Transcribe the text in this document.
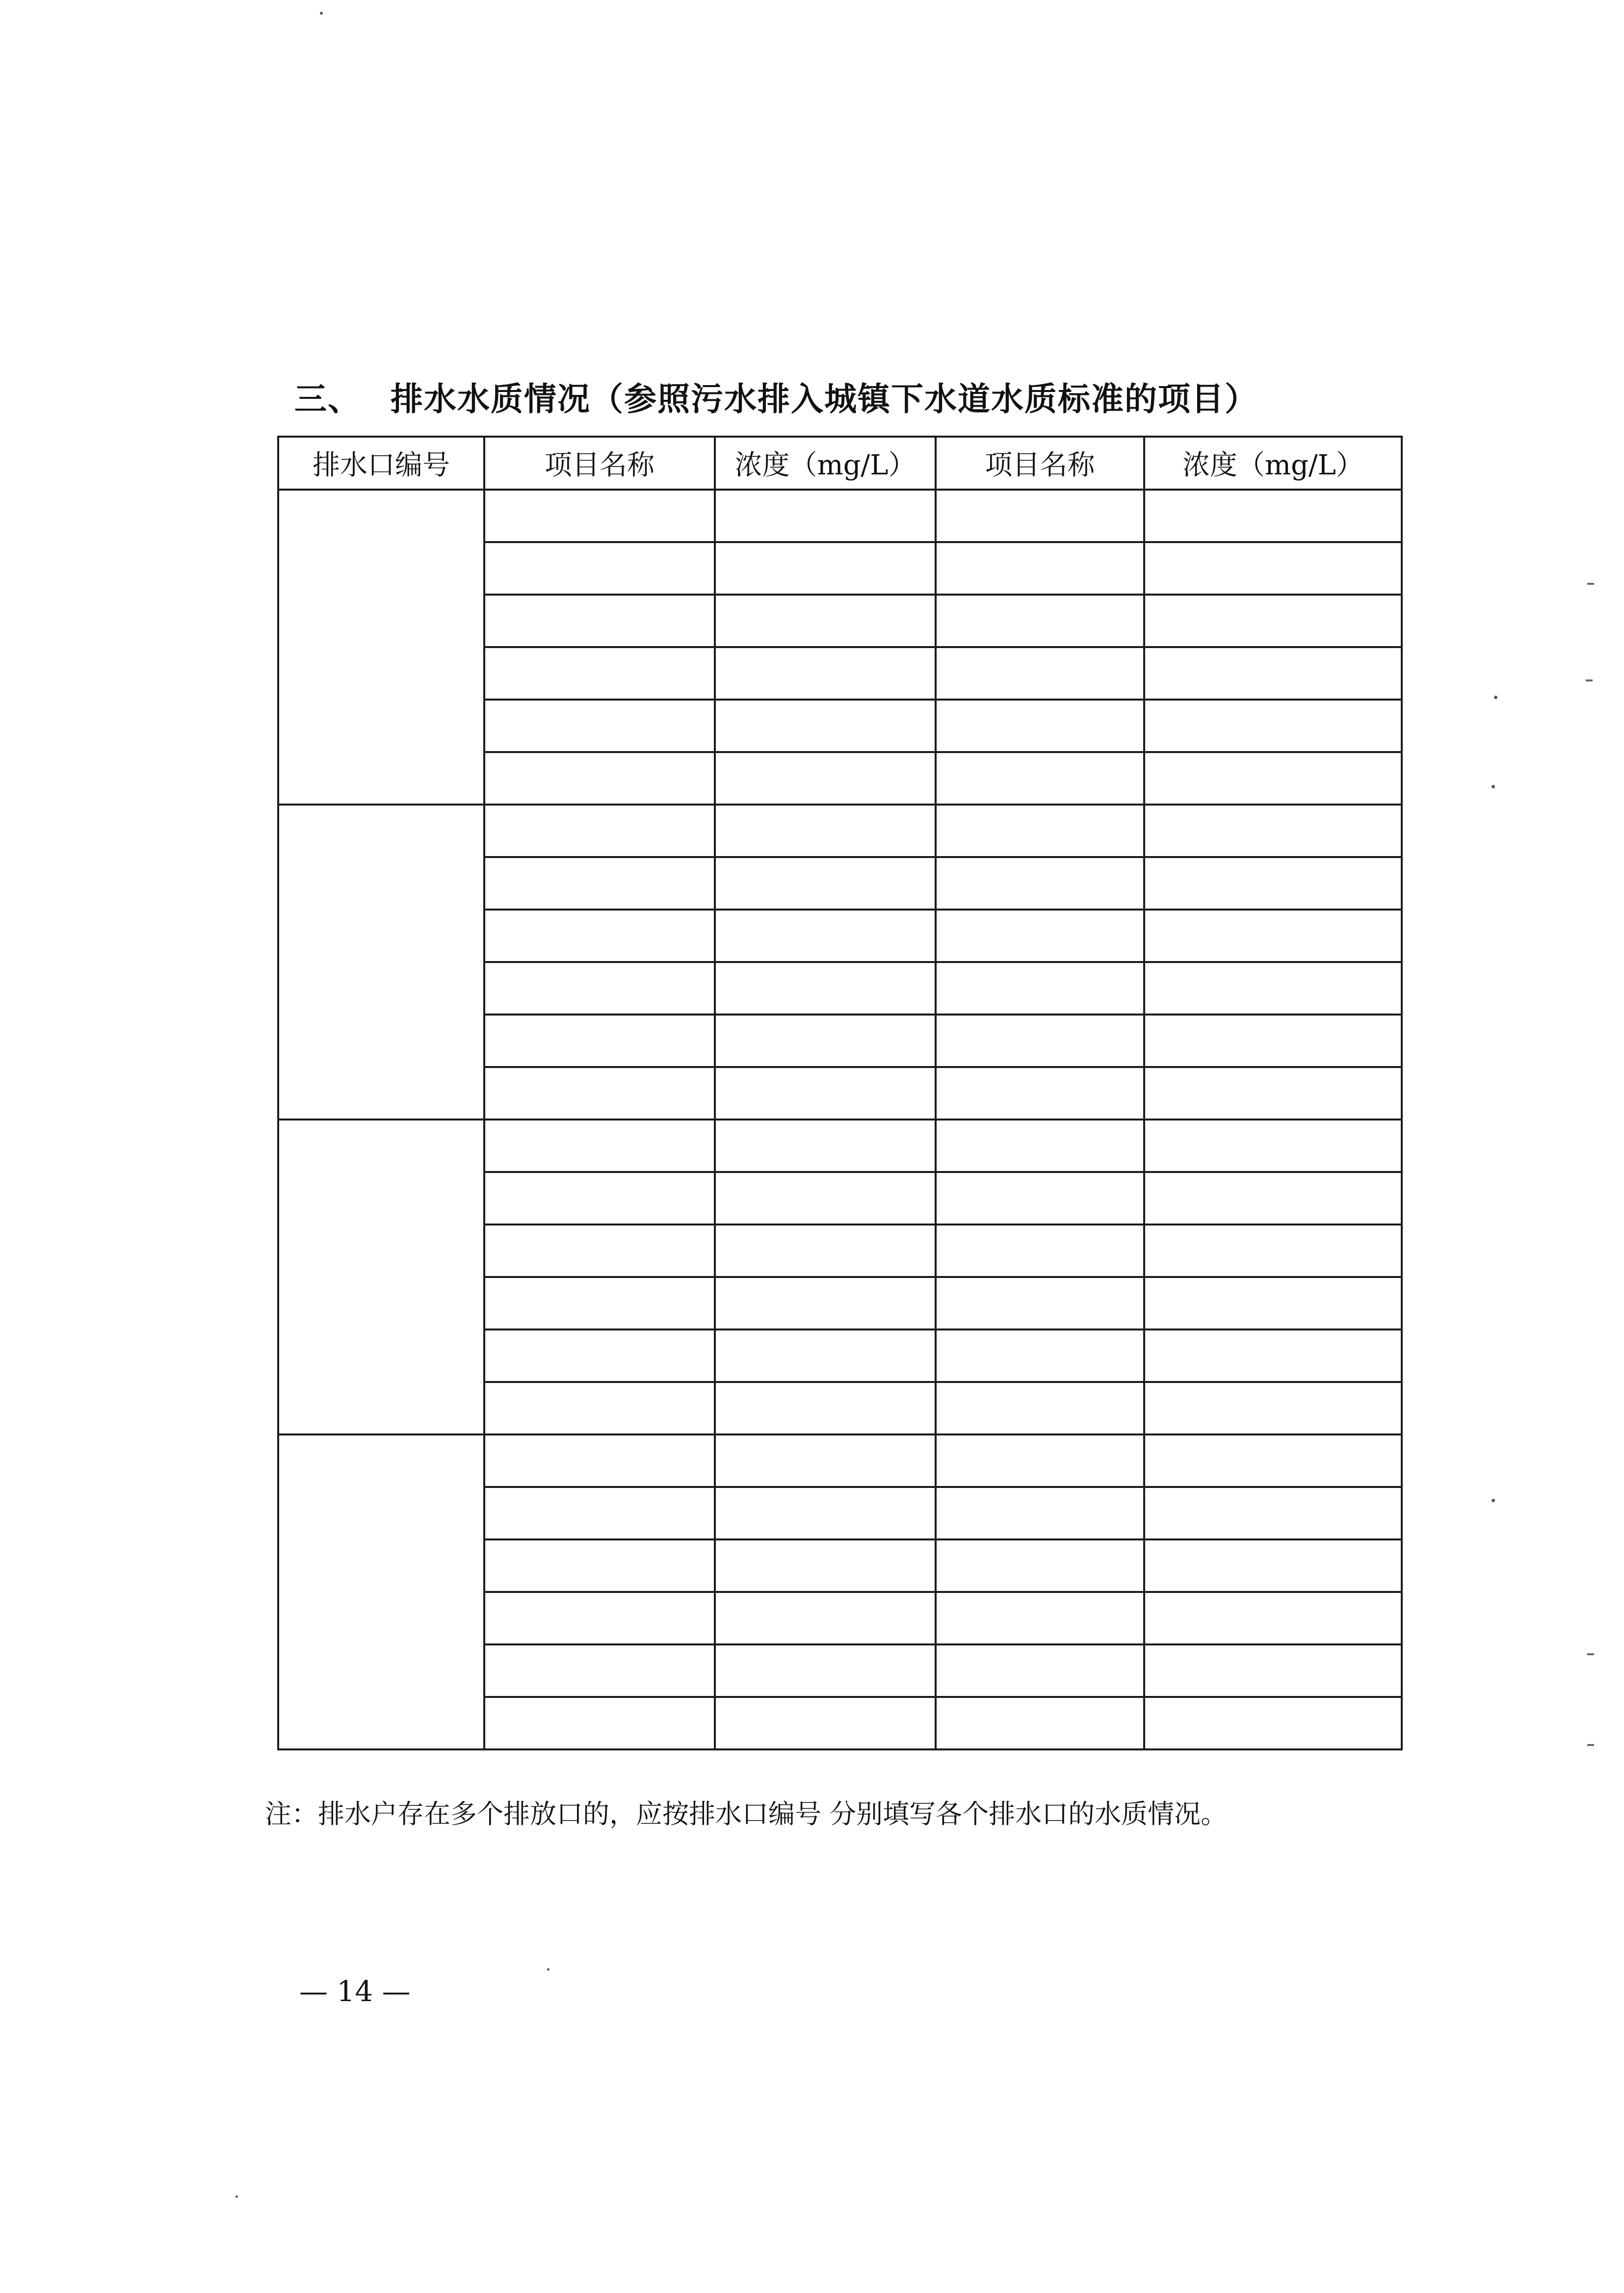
三、 排水水质情况（参照污水排入城镇下水道水质标准的项目）
排水口编号	项目名称	浓度（mg/L）	项目名称	浓度（mg/L）

注：排水户存在多个排放口的，应按排水口编号 分别填写各个排水口的水质情况。
— 14 —
